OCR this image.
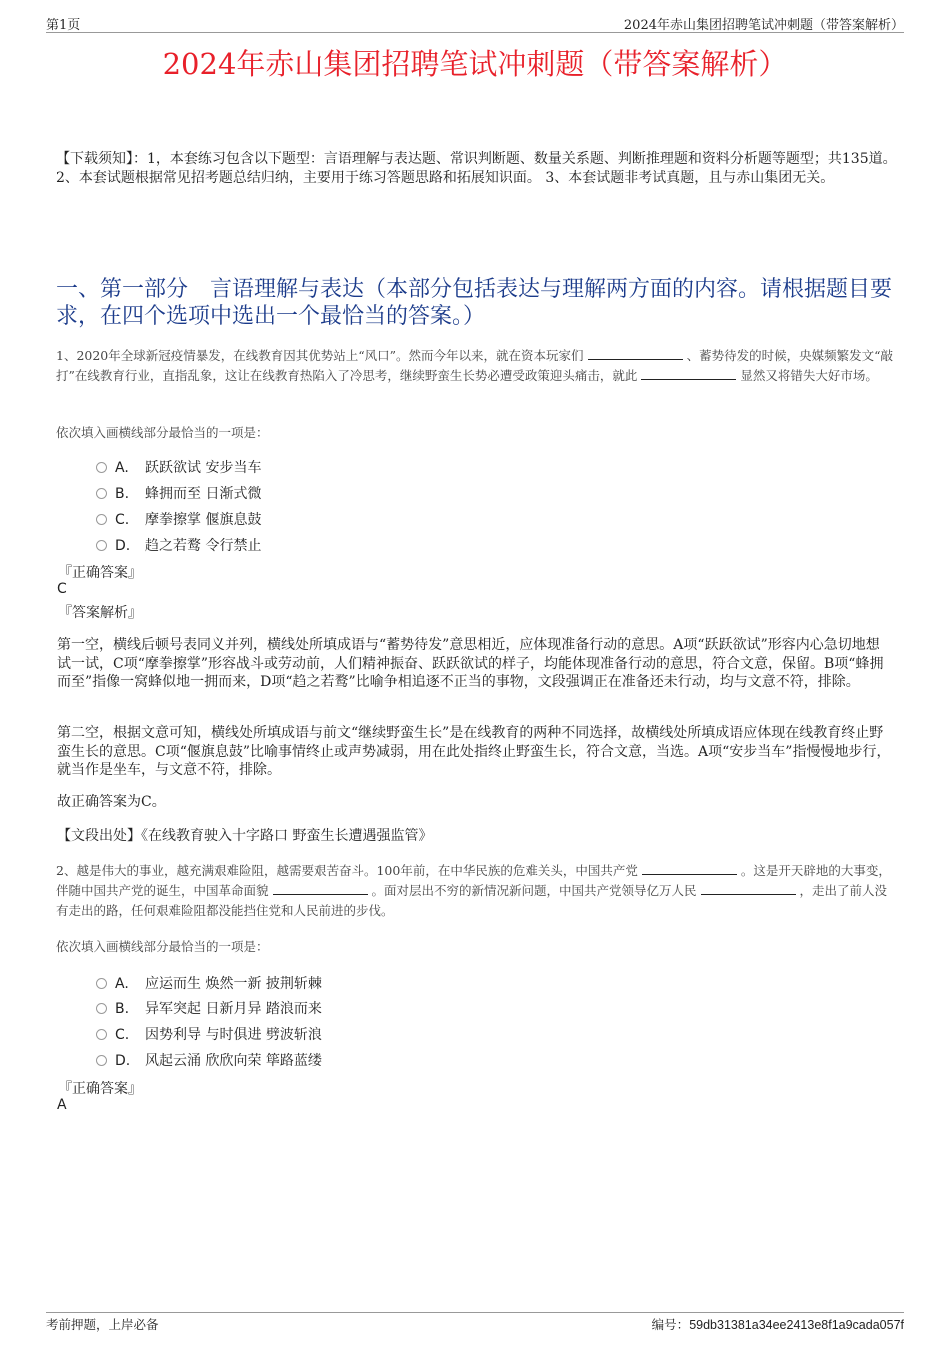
第1页	2024年赤山集团招聘笔试冲刺题（带答案解析）
2024年赤山集团招聘笔试冲刺题（带答案解析）
【下载须知】：1，本套练习包含以下题型：言语理解与表达题、常识判断题、数量关系题、判断推理题和资料分析题等题型；共135道。 2、本套试题根据常见招考题总结归纳，主要用于练习答题思路和拓展知识面。 3、本套试题非考试真题，且与赤山集团无关。
一、第一部分　言语理解与表达（本部分包括表达与理解两方面的内容。请根据题目要求，在四个选项中选出一个最恰当的答案。）
1、2020年全球新冠疫情暴发，在线教育因其优势站上“风口”。然而今年以来，就在资本玩家们	、蓄势待发的时候，央媒频繁发文“敲打”在线教育行业，直指乱象，这让在线教育热陷入了冷思考，继续野蛮生长势必遭受政策迎头痛击，就此	显然又将错失大好市场。
依次填入画横线部分最恰当的一项是：
A. 跃跃欲试 安步当车
B. 蜂拥而至 日渐式微
C. 摩拳擦掌 偃旗息鼓
D. 趋之若鹜 令行禁止
『正确答案』
C
『答案解析』
第一空，横线后顿号表同义并列，横线处所填成语与“蓄势待发”意思相近，应体现准备行动的意思。A项“跃跃欲试”形容内心急切地想试一试，C项“摩拳擦掌”形容战斗或劳动前，人们精神振奋、跃跃欲试的样子，均能体现准备行动的意思，符合文意，保留。B项“蜂拥而至”指像一窝蜂似地一拥而来，D项“趋之若鹜”比喻争相追逐不正当的事物，文段强调正在准备还未行动，均与文意不符，排除。
第二空，根据文意可知，横线处所填成语与前文“继续野蛮生长”是在线教育的两种不同选择，故横线处所填成语应体现在线教育终止野蛮生长的意思。C项“偃旗息鼓”比喻事情终止或声势减弱，用在此处指终止野蛮生长，符合文意，当选。A项“安步当车”指慢慢地步行，就当作是坐车，与文意不符，排除。
故正确答案为C。
【文段出处】《在线教育驶入十字路口 野蛮生长遭遇强监管》
2、越是伟大的事业，越充满艰难险阻，越需要艰苦奋斗。100年前，在中华民族的危难关头，中国共产党	。这是开天辟地的大事变，伴随中国共产党的诞生，中国革命面貌	。面对层出不穷的新情况新问题，中国共产党领导亿万人民	，走出了前人没有走出的路，任何艰难险阻都没能挡住党和人民前进的步伐。
依次填入画横线部分最恰当的一项是：
A. 应运而生 焕然一新 披荆斩棘
B. 异军突起 日新月异 踏浪而来
C. 因势利导 与时俱进 劈波斩浪
D. 风起云涌 欣欣向荣 筚路蓝缕
『正确答案』
A
考前押题，上岸必备	编号：59db31381a34ee2413e8f1a9cada057f
